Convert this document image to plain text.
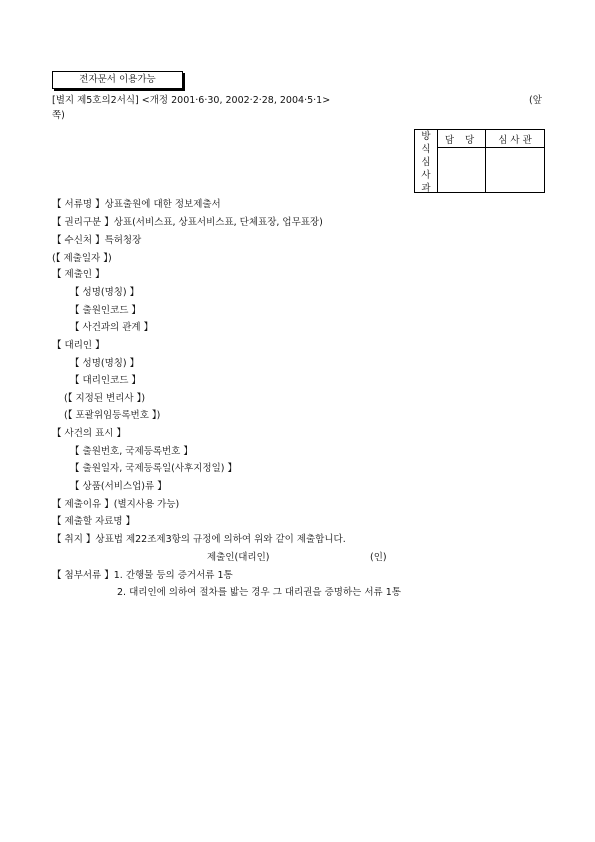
전자문서 이용가능
[별지 제5호의2서식] <개정 2001·6·30, 2002·2·28, 2004·5·1>	(앞
쪽)
방식심사과	담 당	심 사 관

【 서류명 】상표출원에 대한 정보제출서
【 권리구분 】상표(서비스표, 상표서비스표, 단체표장, 업무표장)
【 수신처 】특허청장
(【 제출일자 】)
【 제출인 】
【 성명(명칭) 】
【 출원인코드 】
【 사건과의 관계 】
【 대리인 】
【 성명(명칭) 】
【 대리인코드 】
(【 지정된 변리사 】)
(【 포괄위임등록번호 】)
【 사건의 표시 】
【 출원번호, 국제등록번호 】
【 출원일자, 국제등록일(사후지정일) 】
【 상품(서비스업)류 】
【 제출이유 】(별지사용 가능)
【 제출할 자료명 】
【 취지 】상표법 제22조제3항의 규정에 의하여 위와 같이 제출합니다.
제출인(대리인)	(인)
【 첨부서류 】1. 간행물 등의 증거서류 1통
2. 대리인에 의하여 절차를 밟는 경우 그 대리권을 증명하는 서류 1통
